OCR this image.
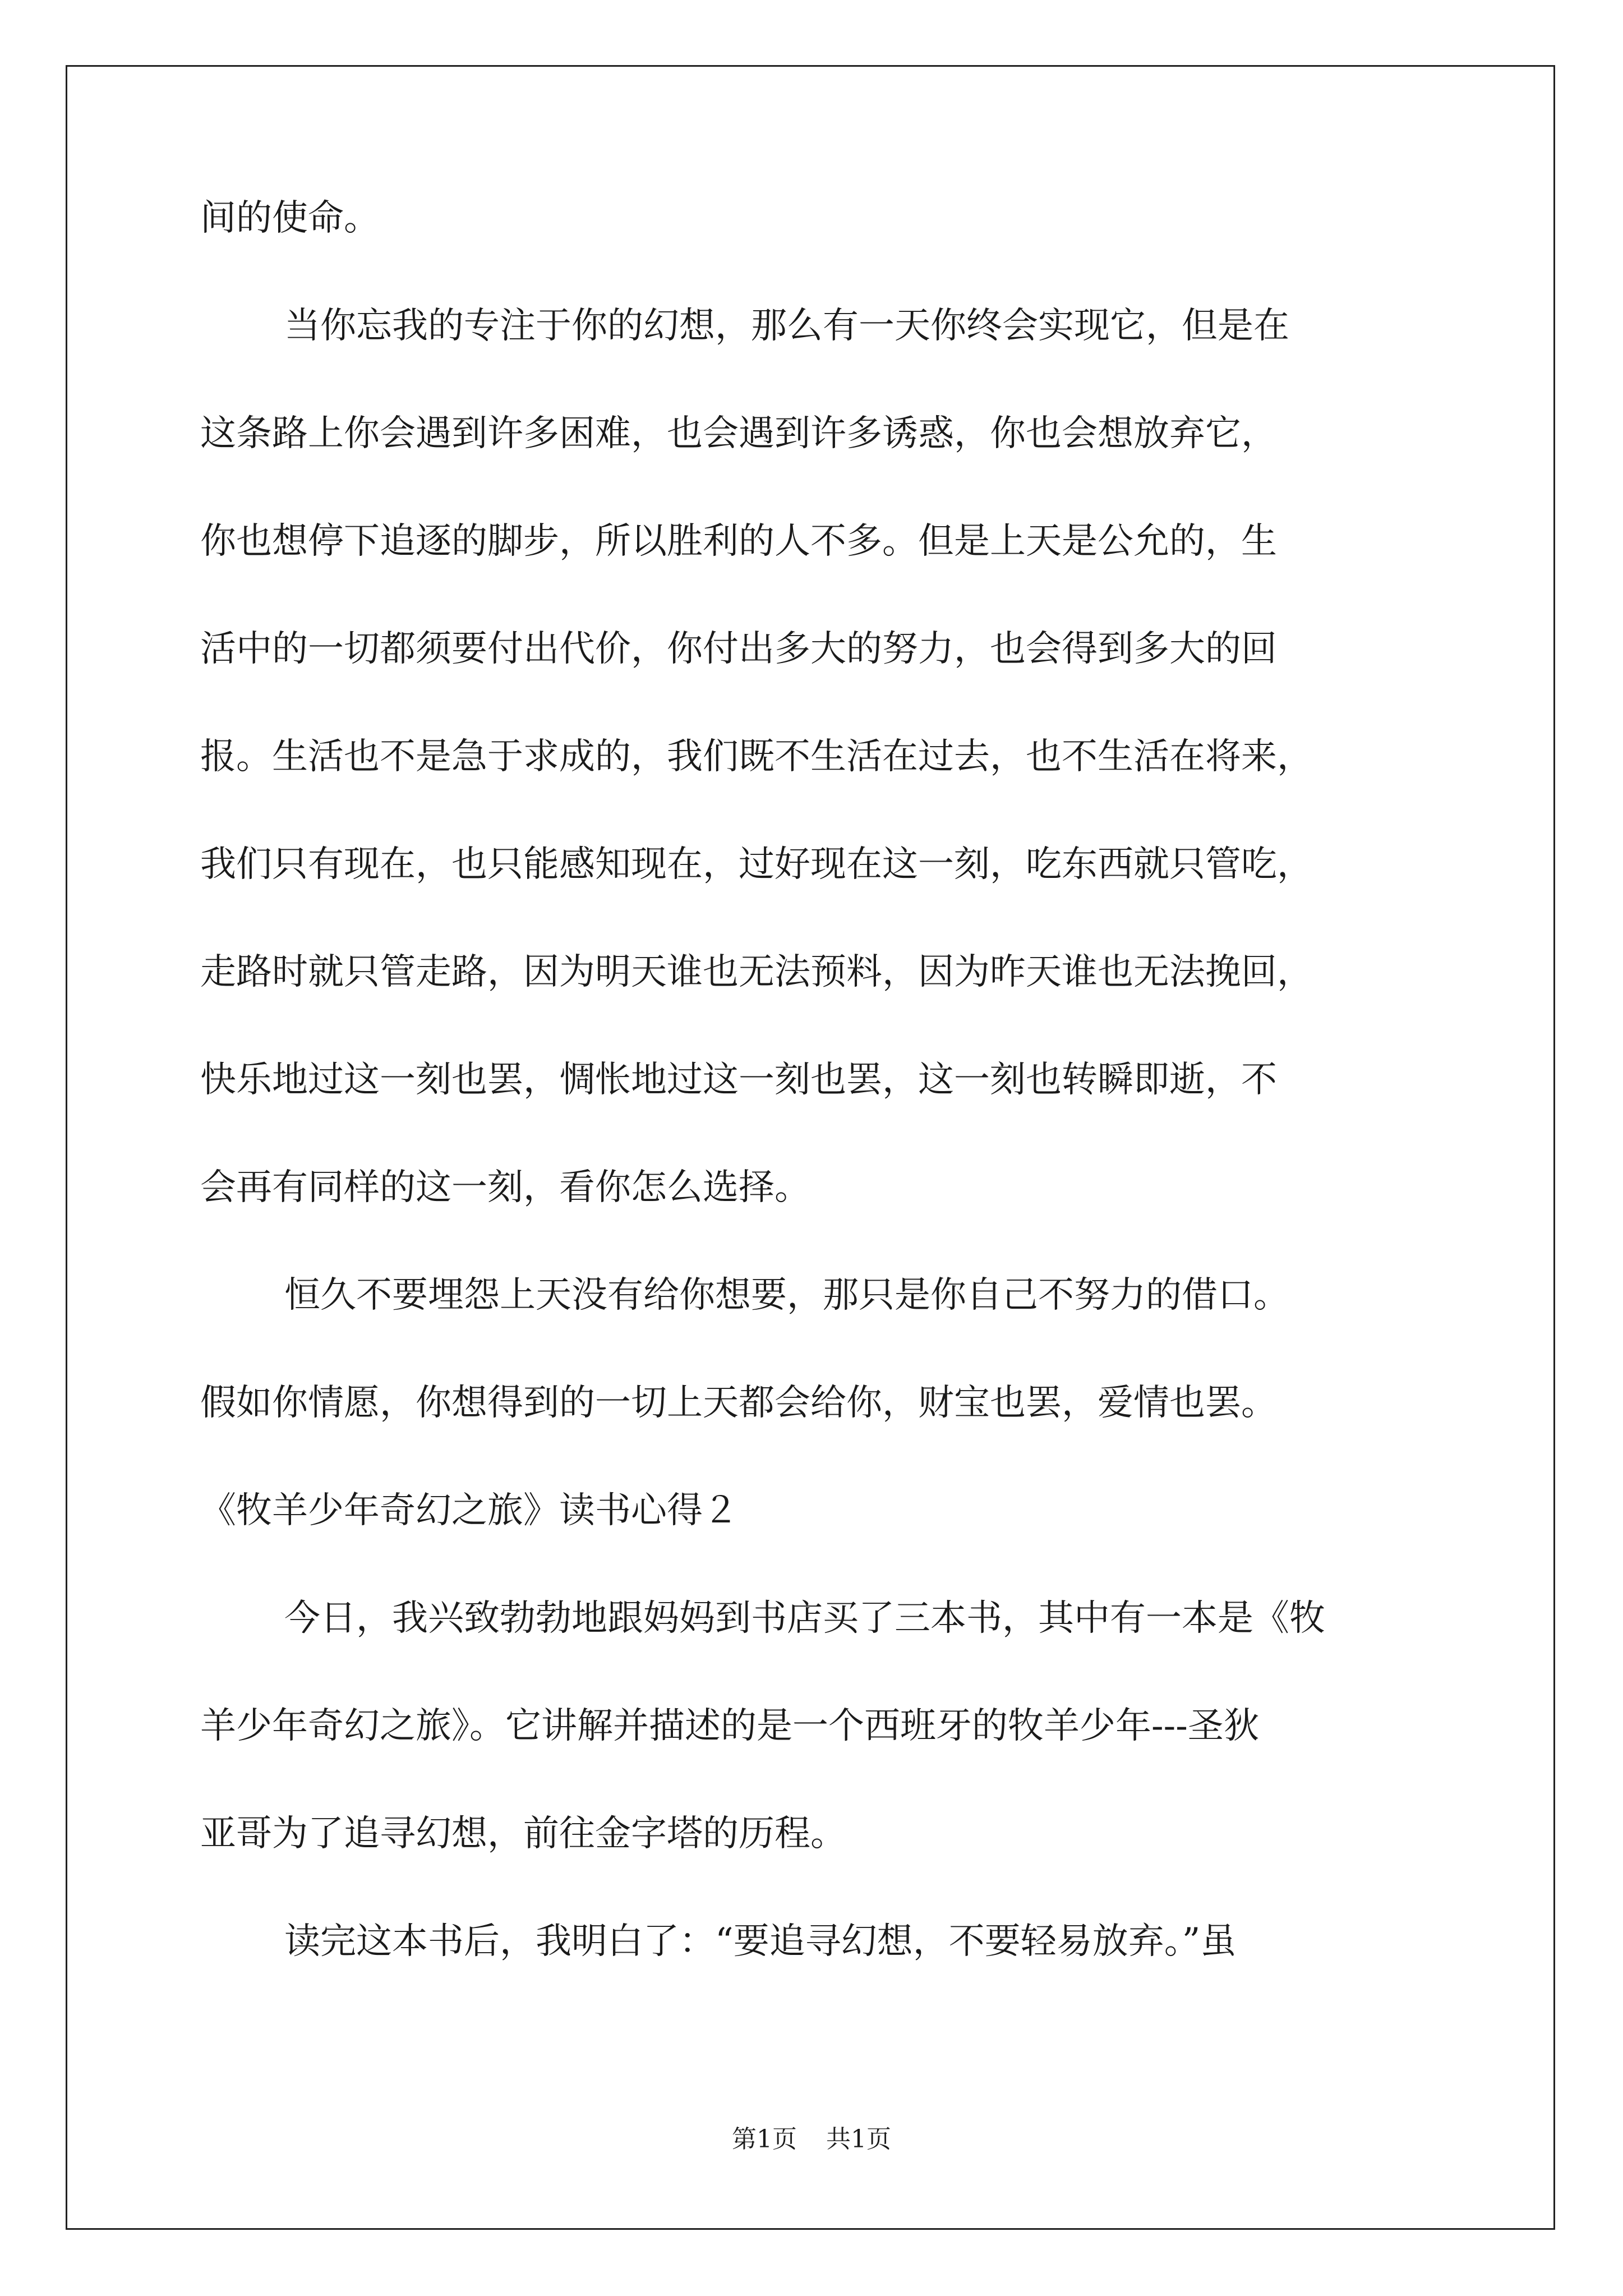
间的使命。
当你忘我的专注于你的幻想，那么有一天你终会实现它，但是在
这条路上你会遇到许多困难，也会遇到许多诱惑，你也会想放弃它，
你也想停下追逐的脚步，所以胜利的人不多。但是上天是公允的，生
活中的一切都须要付出代价，你付出多大的努力，也会得到多大的回
报。生活也不是急于求成的，我们既不生活在过去，也不生活在将来，
我们只有现在，也只能感知现在，过好现在这一刻，吃东西就只管吃，
走路时就只管走路，因为明天谁也无法预料，因为昨天谁也无法挽回，
快乐地过这一刻也罢，惆怅地过这一刻也罢，这一刻也转瞬即逝，不
会再有同样的这一刻，看你怎么选择。
恒久不要埋怨上天没有给你想要，那只是你自己不努力的借口。
假如你情愿，你想得到的一切上天都会给你，财宝也罢，爱情也罢。
《牧羊少年奇幻之旅》读书心得２
今日，我兴致勃勃地跟妈妈到书店买了三本书，其中有一本是《牧
羊少年奇幻之旅》。它讲解并描述的是一个西班牙的牧羊少年---圣狄
亚哥为了追寻幻想，前往金字塔的历程。
读完这本书后，我明白了：“要追寻幻想，不要轻易放弃。”虽
第1页 共1页
